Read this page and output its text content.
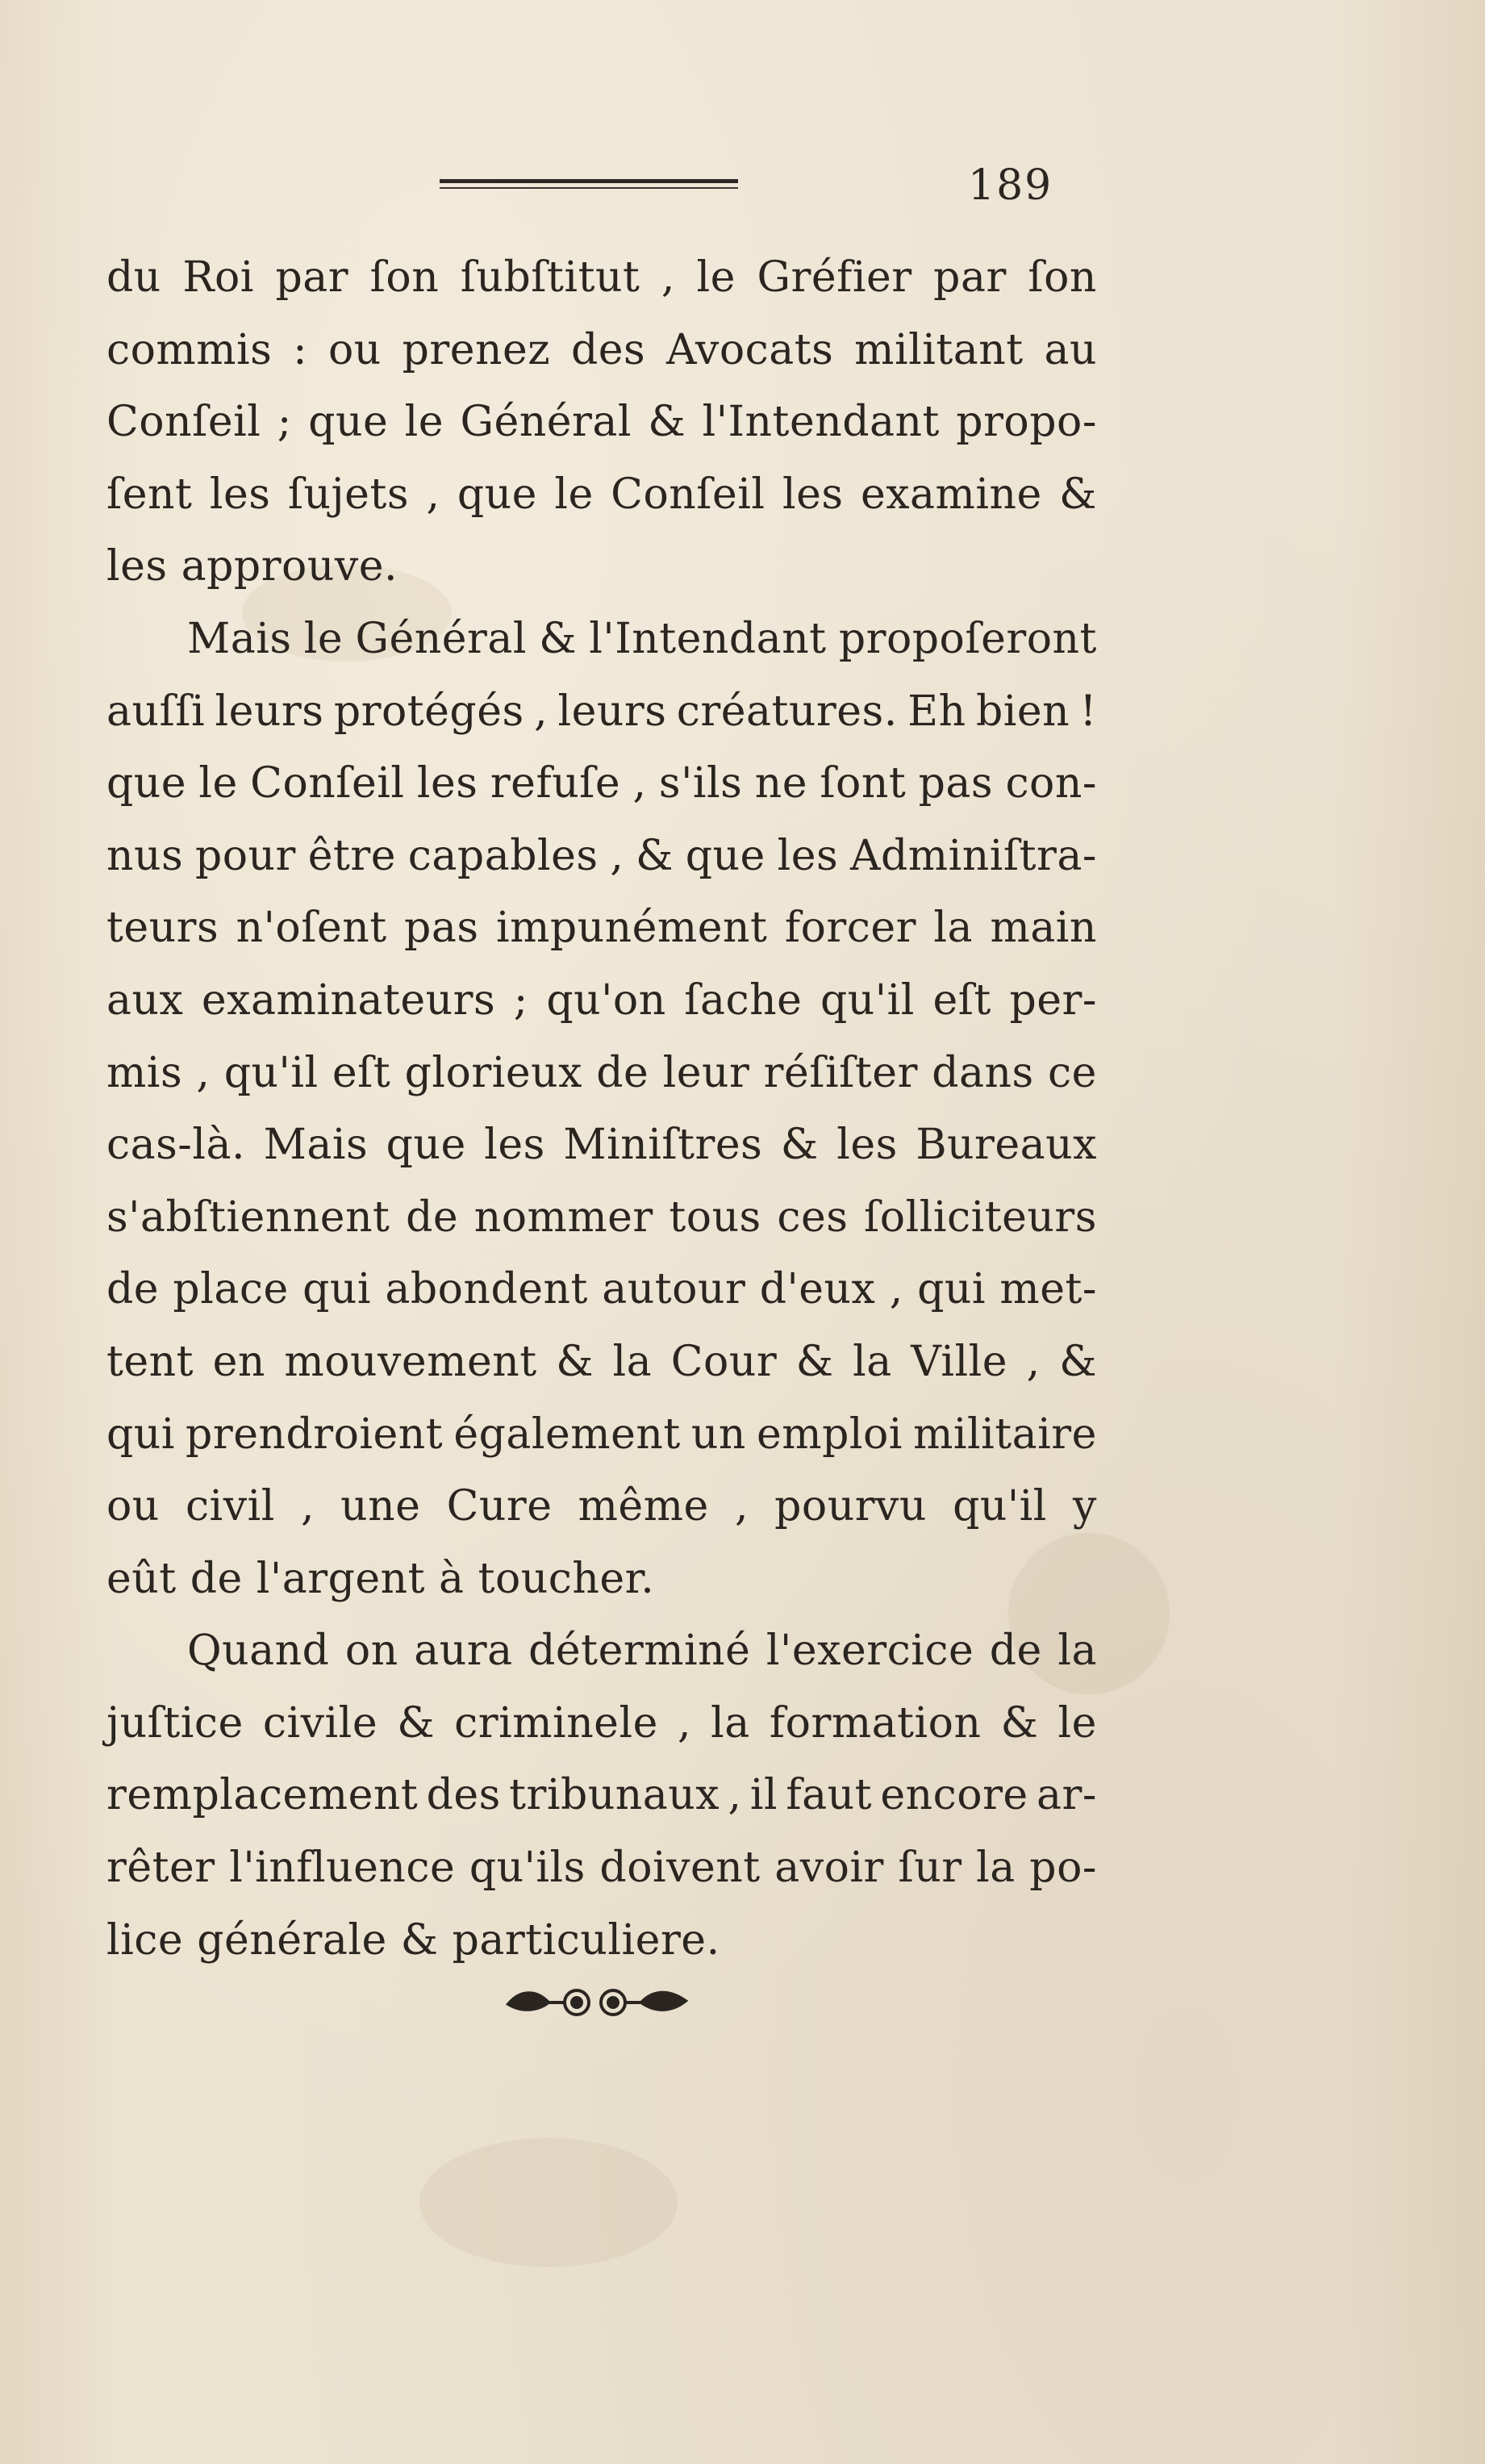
189
du Roi par ſon ſubſtitut , le Gréfier par ſon
commis : ou prenez des Avocats militant au
Conſeil ; que le Général & l'Intendant propo-
ſent les ſujets , que le Conſeil les examine &
les approuve.
Mais le Général & l'Intendant propoſeront
auſſi leurs protégés , leurs créatures. Eh bien !
que le Conſeil les refuſe , s'ils ne ſont pas con-
nus pour être capables , & que les Adminiſtra-
teurs n'oſent pas impunément forcer la main
aux examinateurs ; qu'on ſache qu'il eſt per-
mis , qu'il eſt glorieux de leur réſiſter dans ce
cas-là. Mais que les Miniſtres & les Bureaux
s'abſtiennent de nommer tous ces ſolliciteurs
de place qui abondent autour d'eux , qui met-
tent en mouvement & la Cour & la Ville , &
qui prendroient également un emploi militaire
ou civil , une Cure même , pourvu qu'il y
eût de l'argent à toucher.
Quand on aura déterminé l'exercice de la
juſtice civile & criminele , la formation & le
remplacement des tribunaux , il faut encore ar-
rêter l'influence qu'ils doivent avoir ſur la po-
lice générale & particuliere.
